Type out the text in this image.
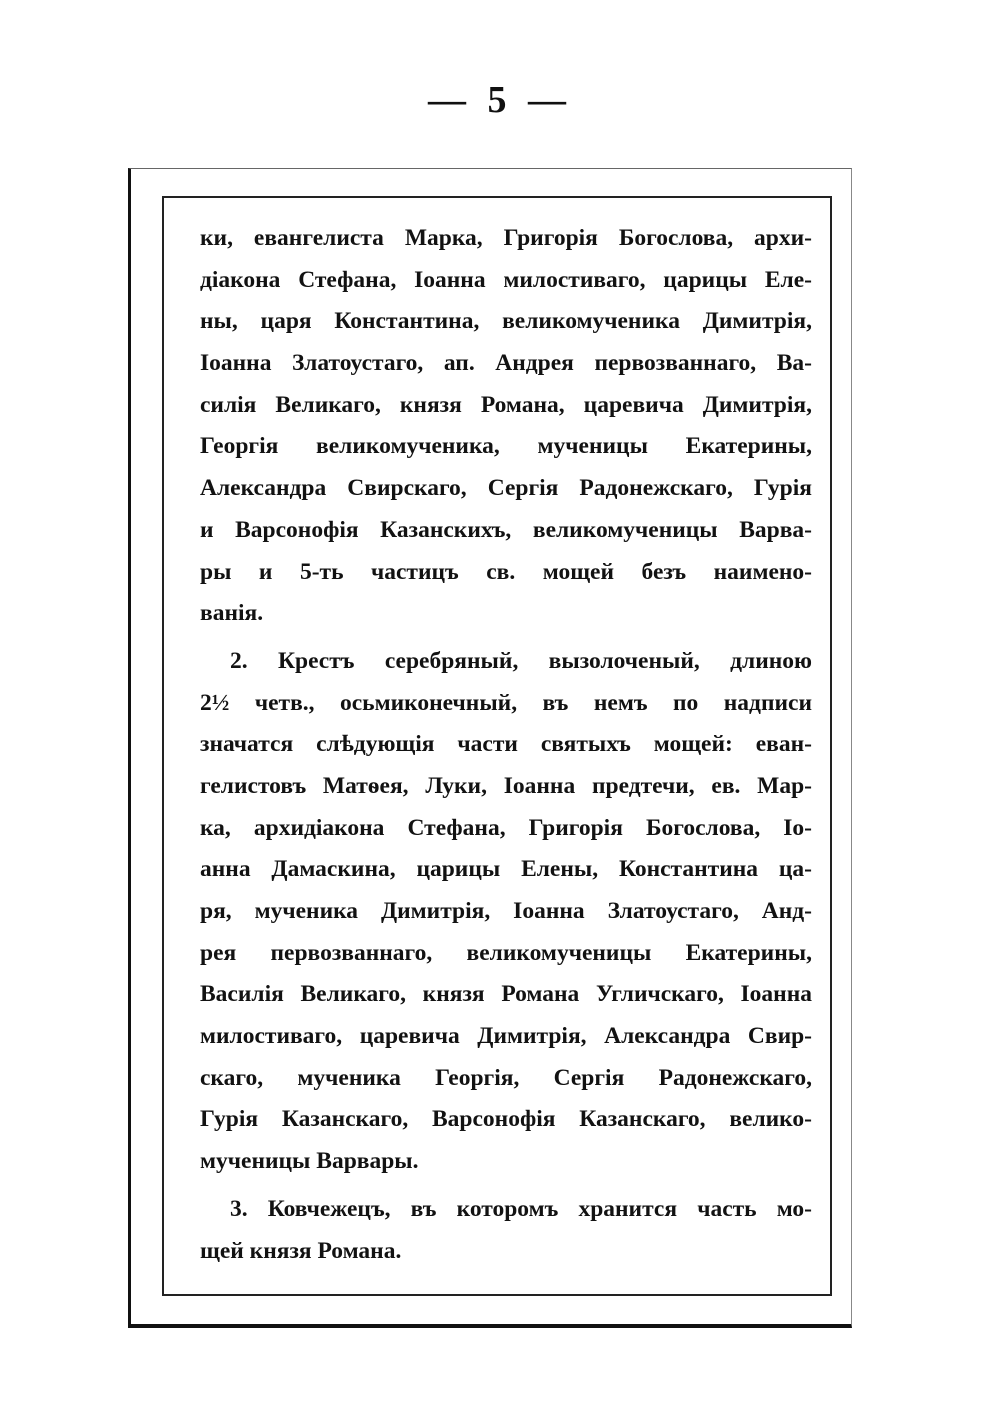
— 5 —
ки, евангелиста Марка, Григорія Богослова, архи-
діакона Стефана, Іоанна милостиваго, царицы Еле-
ны, царя Константина, великомученика Димитрія,
Іоанна Златоустаго, ап. Андрея первозваннаго, Ва-
силія Великаго, князя Романа, царевича Димитрія,
Георгія великомученика, мученицы Екатерины,
Александра Свирскаго, Сергія Радонежскаго, Гурія
и Варсонофія Казанскихъ, великомученицы Варва-
ры и 5-ть частицъ св. мощей безъ наименo-
ванія.
2. Крестъ серебряный, вызолоченый, длиною
2½ четв., осьмиконечный, въ немъ по надписи
значатся слѣдующія части святыхъ мощей: еван-
гелистовъ Матѳея, Луки, Іоанна предтечи, ев. Мар-
ка, архидіакона Стефана, Григорія Богослова, Іо-
анна Дамаскина, царицы Елены, Константина ца-
ря, мученика Димитрія, Іоанна Златоустаго, Анд-
рея первозваннаго, великомученицы Екатерины,
Василія Великаго, князя Романа Угличскаго, Іоанна
милостиваго, царевича Димитрія, Александра Свир-
скаго, мученика Георгія, Сергія Радонежскаго,
Гурія Казанскаго, Варсонофія Казанскаго, велико-
мученицы Варвары.
3. Ковчежецъ, въ которомъ хранится часть мо-
щей князя Романа.
